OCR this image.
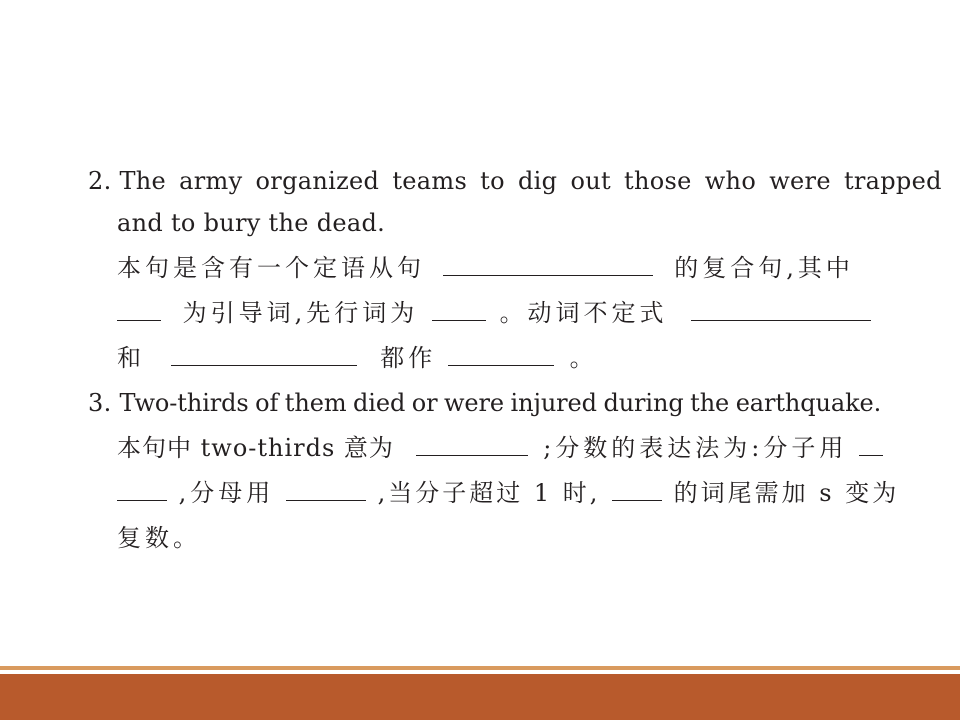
2. The army organized teams to dig out those who were trapped
and to bury the dead.
本句是含有一个定语从句	的复合句,其中
为引导词,先行词为	。动词不定式
和	都作	。
3. Two-thirds of them died or were injured during the earthquake.
本句中 two-thirds 意为	;分数的表达法为:分子用
,分母用	,当分子超过 1 时,	的词尾需加 s 变为
复数。
